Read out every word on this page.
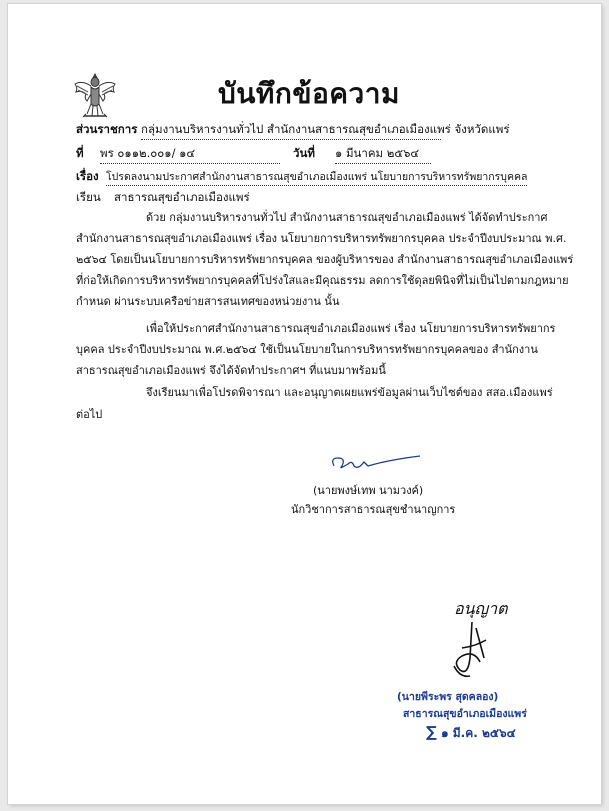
บันทึกข้อความ
ส่วนราชการ กลุ่มงานบริหารงานทั่วไป สำนักงานสาธารณสุขอำเภอเมืองแพร่ จังหวัดแพร่
ที่ พร ๐๑๑๒.๐๐๑/ ๑๔	วันที่ ๑ มีนาคม ๒๕๖๔
เรื่อง โปรดลงนามประกาศสำนักงานสาธารณสุขอำเภอเมืองแพร่ นโยบายการบริหารทรัพยากรบุคคล
เรียน สาธารณสุขอำเภอเมืองแพร่
ด้วย กลุ่มงานบริหารงานทั่วไป สำนักงานสาธารณสุขอำเภอเมืองแพร่ ได้จัดทำประกาศ
สำนักงานสาธารณสุขอำเภอเมืองแพร่ เรื่อง นโยบายการบริหารทรัพยากรบุคคล ประจำปีงบประมาณ พ.ศ.
๒๕๖๔ โดยเป็นนโยบายการบริหารทรัพยากรบุคคล ของผู้บริหารของ สำนักงานสาธารณสุขอำเภอเมืองแพร่
ที่ก่อให้เกิดการบริหารทรัพยากรบุคคลที่โปร่งใสและมีคุณธรรม ลดการใช้ดุลยพินิจที่ไม่เป็นไปตามกฎหมาย
กำหนด ผ่านระบบเครือข่ายสารสนเทศของหน่วยงาน นั้น
เพื่อให้ประกาศสำนักงานสาธารณสุขอำเภอเมืองแพร่ เรื่อง นโยบายการบริหารทรัพยากร
บุคคล ประจำปีงบประมาณ พ.ศ.๒๕๖๔ ใช้เป็นนโยบายในการบริหารทรัพยากรบุคคลของ สำนักงาน
สาธารณสุขอำเภอเมืองแพร่ จึงได้จัดทำประกาศฯ ที่แนบมาพร้อมนี้
จึงเรียนมาเพื่อโปรดพิจารณา และอนุญาตเผยแพร่ข้อมูลผ่านเว็บไซต์ของ สสอ.เมืองแพร่
ต่อไป
(นายพงษ์เทพ นามวงค์)
นักวิชาการสาธารณสุขชำนาญการ
อนุญาต
(นายพีระพร สุดคลอง)
สาธารณสุขอำเภอเมืองแพร่
∑ ๑ มี.ค. ๒๕๖๔
